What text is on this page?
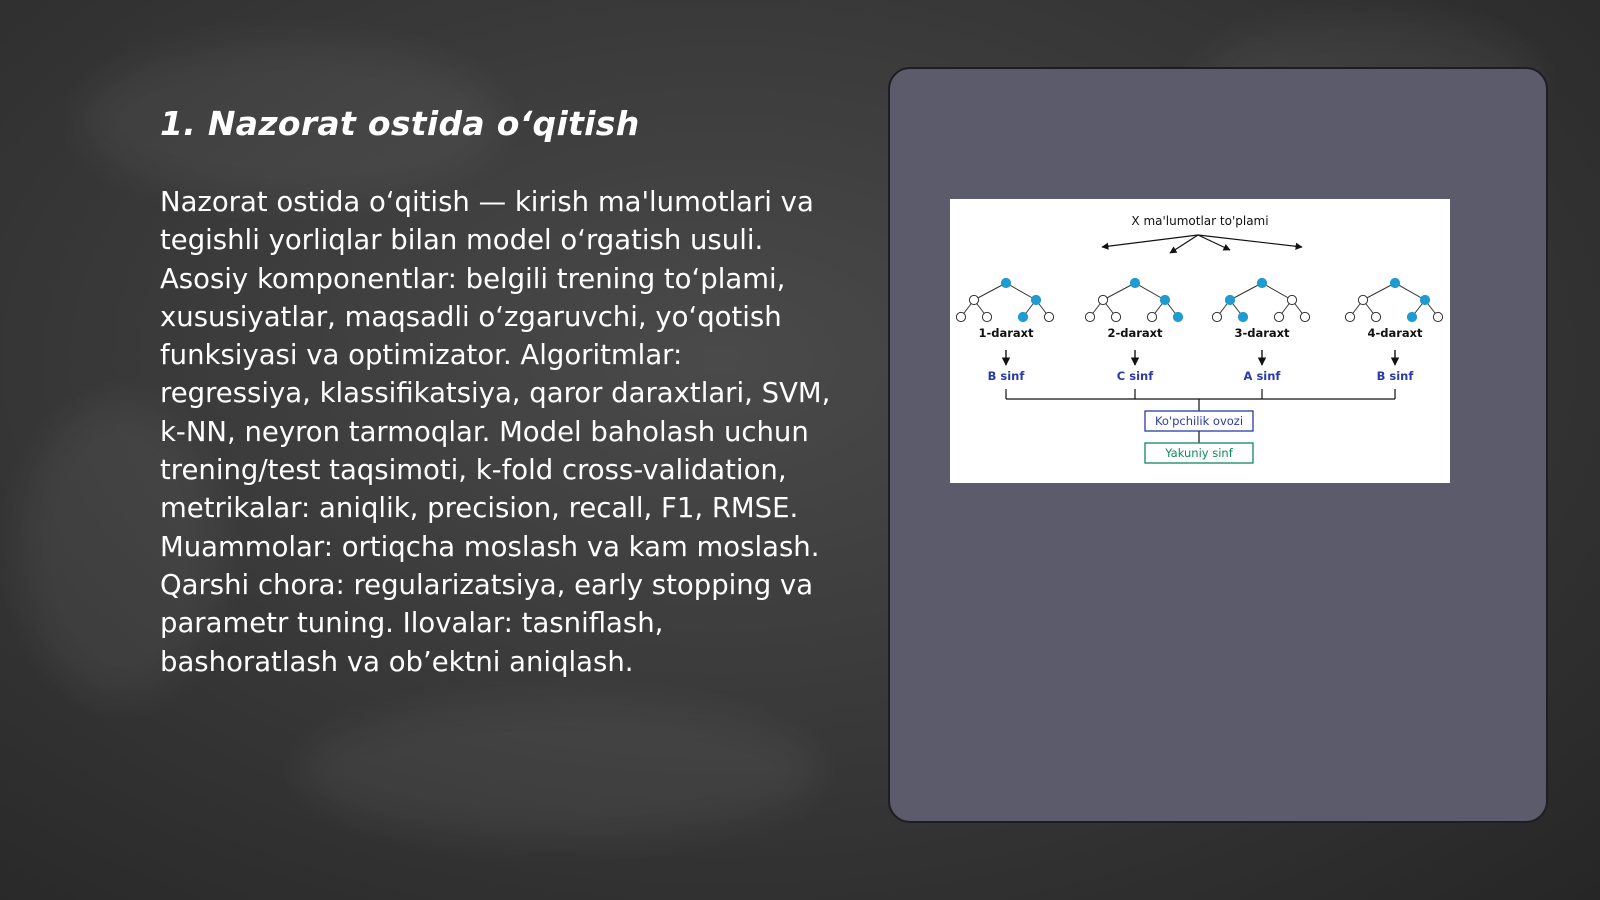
1. Nazorat ostida o‘qitish

Nazorat ostida o‘qitish — kirish ma'lumotlari va tegishli yorliqlar bilan model o‘rgatish usuli. Asosiy komponentlar: belgili trening to‘plami, xususiyatlar, maqsadli o‘zgaruvchi, yo‘qotish funksiyasi va optimizator. Algoritmlar: regressiya, klassifikatsiya, qaror daraxtlari, SVM, k-NN, neyron tarmoqlar. Model baholash uchun trening/test taqsimoti, k-fold cross-validation, metrikalar: aniqlik, precision, recall, F1, RMSE. Muammolar: ortiqcha moslash va kam moslash. Qarshi chora: regularizatsiya, early stopping va parametr tuning. Ilovalar: tasniflash, bashoratlash va ob’ektni aniqlash.

X ma'lumotlar to'plami
1-daraxt
B sinf
2-daraxt
C sinf
3-daraxt
A sinf
4-daraxt
B sinf
Ko'pchilik ovozi
Yakuniy sinf
